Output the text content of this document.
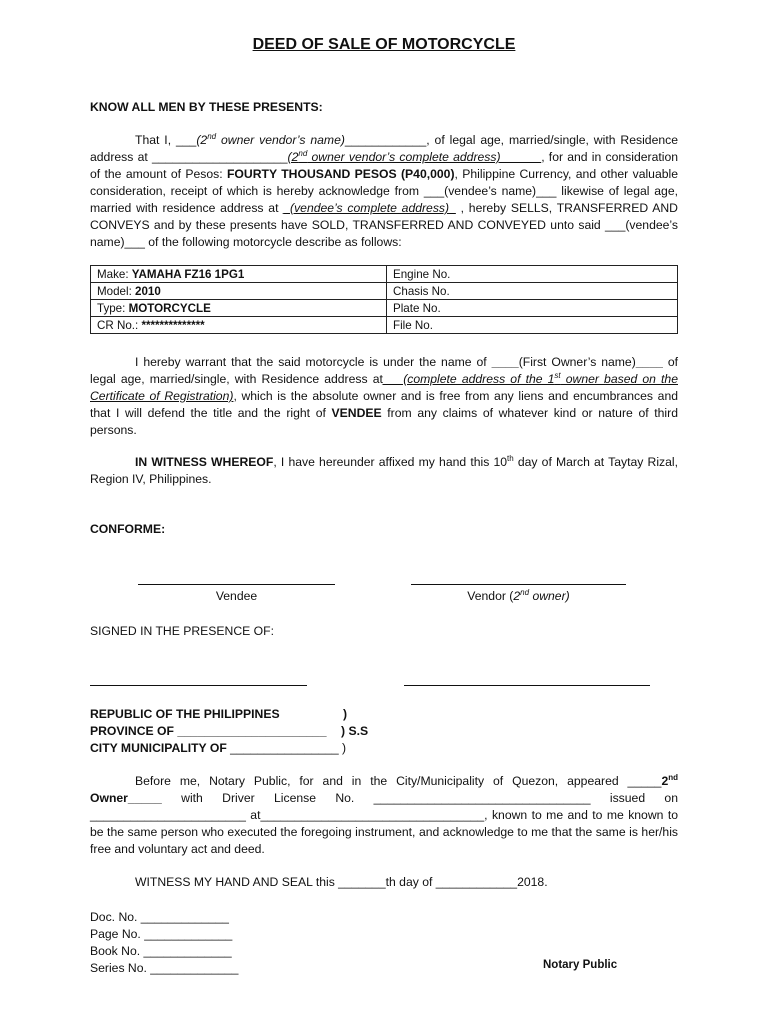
DEED OF SALE OF MOTORCYCLE
KNOW ALL MEN BY THESE PRESENTS:
That I, ___(2nd owner vendor’s name)____________, of legal age, married/single, with Residence address at ____________________(2nd owner vendor’s complete address)______, for and in consideration of the amount of Pesos: FOURTY THOUSAND PESOS (P40,000), Philippine Currency, and other valuable consideration, receipt of which is hereby acknowledge from ___(vendee’s name)___ likewise of legal age, married with residence address at _(vendee’s complete address)_ , hereby SELLS, TRANSFERRED AND CONVEYS and by these presents have SOLD, TRANSFERRED AND CONVEYED unto said ___(vendee’s name)___ of the following motorcycle describe as follows:
Make: YAMAHA FZ16 1PG1	Engine No.
Model: 2010	Chasis No.
Type: MOTORCYCLE	Plate No.
CR No.: **************	File No.
I hereby warrant that the said motorcycle is under the name of ____(First Owner’s name)____ of legal age, married/single, with Residence address at___(complete address of the 1st owner based on the Certificate of Registration), which is the absolute owner and is free from any liens and encumbrances and that I will defend the title and the right of VENDEE from any claims of whatever kind or nature of third persons.
IN WITNESS WHEREOF, I have hereunder affixed my hand this 10th day of March at Taytay Rizal, Region IV, Philippines.
CONFORME:
Vendee	Vendor (2nd owner)
SIGNED IN THE PRESENCE OF:
REPUBLIC OF THE PHILIPPINES	)
PROVINCE OF ______________________ ) S.S
CITY MUNICIPALITY OF ________________ )
Before me, Notary Public, for and in the City/Municipality of Quezon, appeared _____2nd Owner_____ with Driver License No. ________________________________ issued on _______________________ at_________________________________, known to me and to me known to be the same person who executed the foregoing instrument, and acknowledge to me that the same is her/his free and voluntary act and deed.
WITNESS MY HAND AND SEAL this _______th day of ____________2018.
Doc. No. _____________
Page No. _____________
Book No. _____________
Series No. _____________	Notary Public
